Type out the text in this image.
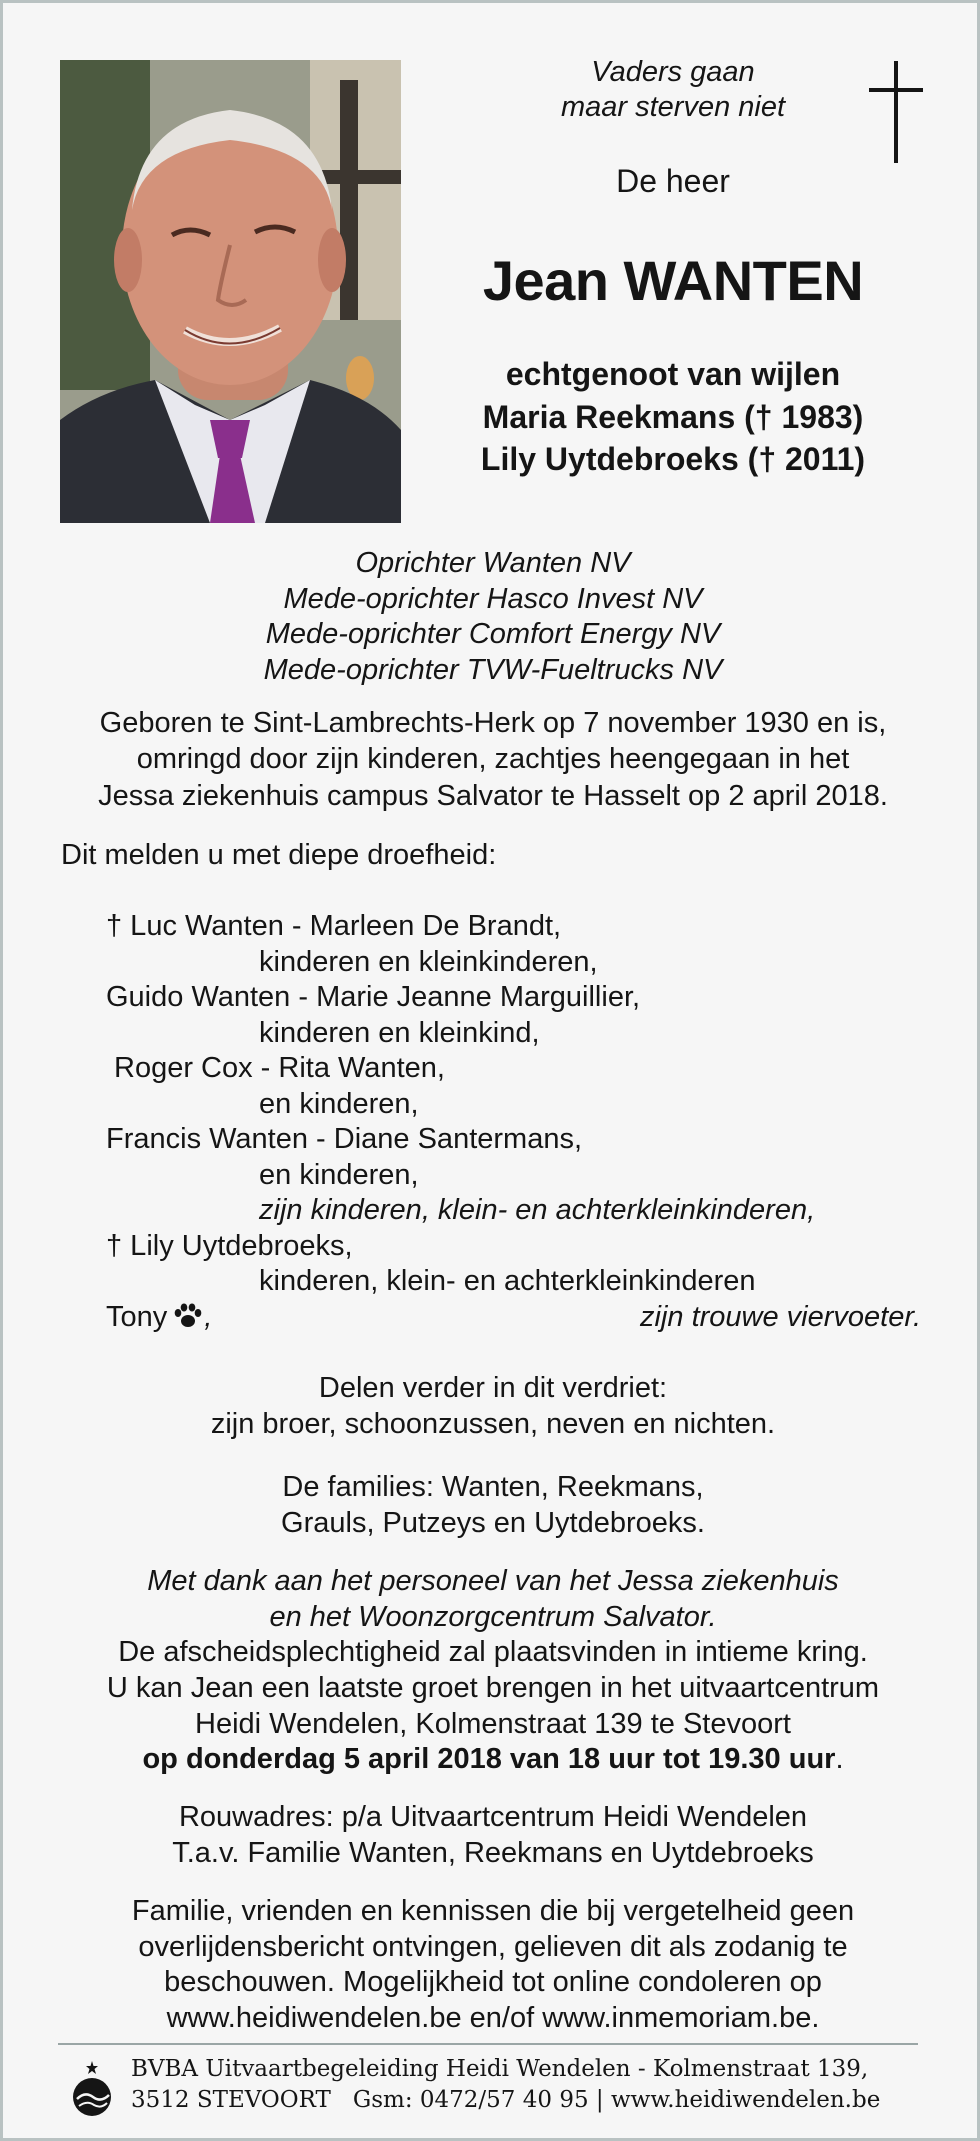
Vaders gaan
maar sterven niet
De heer
Jean WANTEN
echtgenoot van wijlen
Maria Reekmans († 1983)
Lily Uytdebroeks († 2011)
Oprichter Wanten NV
Mede-oprichter Hasco Invest NV
Mede-oprichter Comfort Energy NV
Mede-oprichter TVW-Fueltrucks NV
Geboren te Sint-Lambrechts-Herk op 7 november 1930 en is,
omringd door zijn kinderen, zachtjes heengegaan in het
Jessa ziekenhuis campus Salvator te Hasselt op 2 april 2018.
Dit melden u met diepe droefheid:
† Luc Wanten - Marleen De Brandt,
kinderen en kleinkinderen,
Guido Wanten - Marie Jeanne Marguillier,
kinderen en kleinkind,
Roger Cox - Rita Wanten,
en kinderen,
Francis Wanten - Diane Santermans,
en kinderen,
zijn kinderen, klein- en achterkleinkinderen,
† Lily Uytdebroeks,
kinderen, klein- en achterkleinkinderen
Tony ,	zijn trouwe viervoeter.
Delen verder in dit verdriet:
zijn broer, schoonzussen, neven en nichten.
De families: Wanten, Reekmans,
Grauls, Putzeys en Uytdebroeks.
Met dank aan het personeel van het Jessa ziekenhuis
en het Woonzorgcentrum Salvator.
De afscheidsplechtigheid zal plaatsvinden in intieme kring.
U kan Jean een laatste groet brengen in het uitvaartcentrum
Heidi Wendelen, Kolmenstraat 139 te Stevoort
op donderdag 5 april 2018 van 18 uur tot 19.30 uur.
Rouwadres: p/a Uitvaartcentrum Heidi Wendelen
T.a.v. Familie Wanten, Reekmans en Uytdebroeks
Familie, vrienden en kennissen die bij vergetelheid geen
overlijdensbericht ontvingen, gelieven dit als zodanig te
beschouwen. Mogelijkheid tot online condoleren op
www.heidiwendelen.be en/of www.inmemoriam.be.
BVBA Uitvaartbegeleiding Heidi Wendelen - Kolmenstraat 139,
3512 STEVOORT   Gsm: 0472/57 40 95 | www.heidiwendelen.be
